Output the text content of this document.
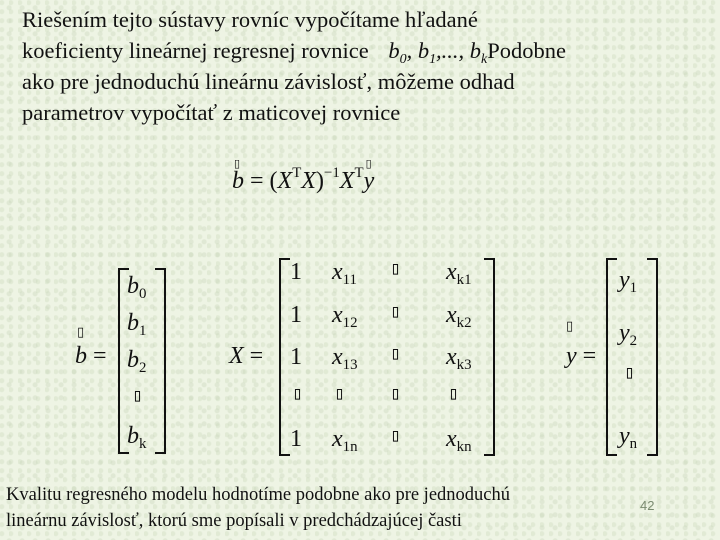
Riešením tejto sústavy rovníc vypočítame hľadané
koeficienty lineárnej regresnej rovnice $b_0$, $b_1$,..., $b_kPodobne$
ako pre jednoduchú lineárnu závislosť, môžeme odhad
parametrov vypočítať z maticovej rovnice
▯
$b = (X^TX)^{-1}X^T$
▯
y
▯
b =
$b_0$
$b_1$
$b_2$
▯
$b_k$
X =
1 $x_{11}$
▯ $x_{k1}$
1 $x_{12}$
▯ $x_{k2}$
1 $x_{13}$
▯ $x_{k3}$
▯ ▯	▯	▯
1 $x_{1n}$
▯ $x_{kn}$
▯
y =
$y_1$
$y_2$
▯
$y_n$
Kvalitu regresného modelu hodnotíme podobne ako pre jednoduchú
lineárnu závislosť, ktorú sme popísali v predchádzajúcej časti
42
